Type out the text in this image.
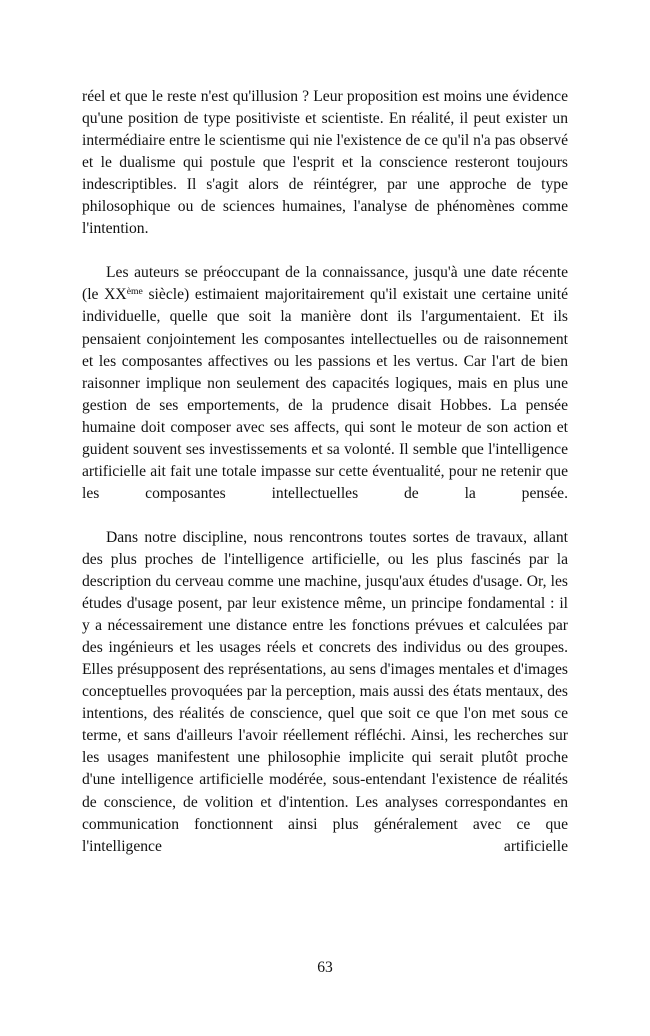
réel et que le reste n'est qu'illusion ? Leur proposition est moins une évidence qu'une position de type positiviste et scientiste. En réalité, il peut exister un intermédiaire entre le scientisme qui nie l'existence de ce qu'il n'a pas observé et le dualisme qui postule que l'esprit et la conscience resteront toujours indescriptibles. Il s'agit alors de réintégrer, par une approche de type philosophique ou de sciences humaines, l'analyse de phénomènes comme l'intention.

Les auteurs se préoccupant de la connaissance, jusqu'à une date récente (le XXème siècle) estimaient majoritairement qu'il existait une certaine unité individuelle, quelle que soit la manière dont ils l'argumentaient. Et ils pensaient conjointement les composantes intellectuelles ou de raisonnement et les composantes affectives ou les passions et les vertus. Car l'art de bien raisonner implique non seulement des capacités logiques, mais en plus une gestion de ses emportements, de la prudence disait Hobbes. La pensée humaine doit composer avec ses affects, qui sont le moteur de son action et guident souvent ses investissements et sa volonté. Il semble que l'intelligence artificielle ait fait une totale impasse sur cette éventualité, pour ne retenir que les composantes intellectuelles de la pensée.

Dans notre discipline, nous rencontrons toutes sortes de travaux, allant des plus proches de l'intelligence artificielle, ou les plus fascinés par la description du cerveau comme une machine, jusqu'aux études d'usage. Or, les études d'usage posent, par leur existence même, un principe fondamental : il y a nécessairement une distance entre les fonctions prévues et calculées par des ingénieurs et les usages réels et concrets des individus ou des groupes. Elles présupposent des représentations, au sens d'images mentales et d'images conceptuelles provoquées par la perception, mais aussi des états mentaux, des intentions, des réalités de conscience, quel que soit ce que l'on met sous ce terme, et sans d'ailleurs l'avoir réellement réfléchi. Ainsi, les recherches sur les usages manifestent une philosophie implicite qui serait plutôt proche d'une intelligence artificielle modérée, sous-entendant l'existence de réalités de conscience, de volition et d'intention. Les analyses correspondantes en communication fonctionnent ainsi plus généralement avec ce que l'intelligence artificielle

63
